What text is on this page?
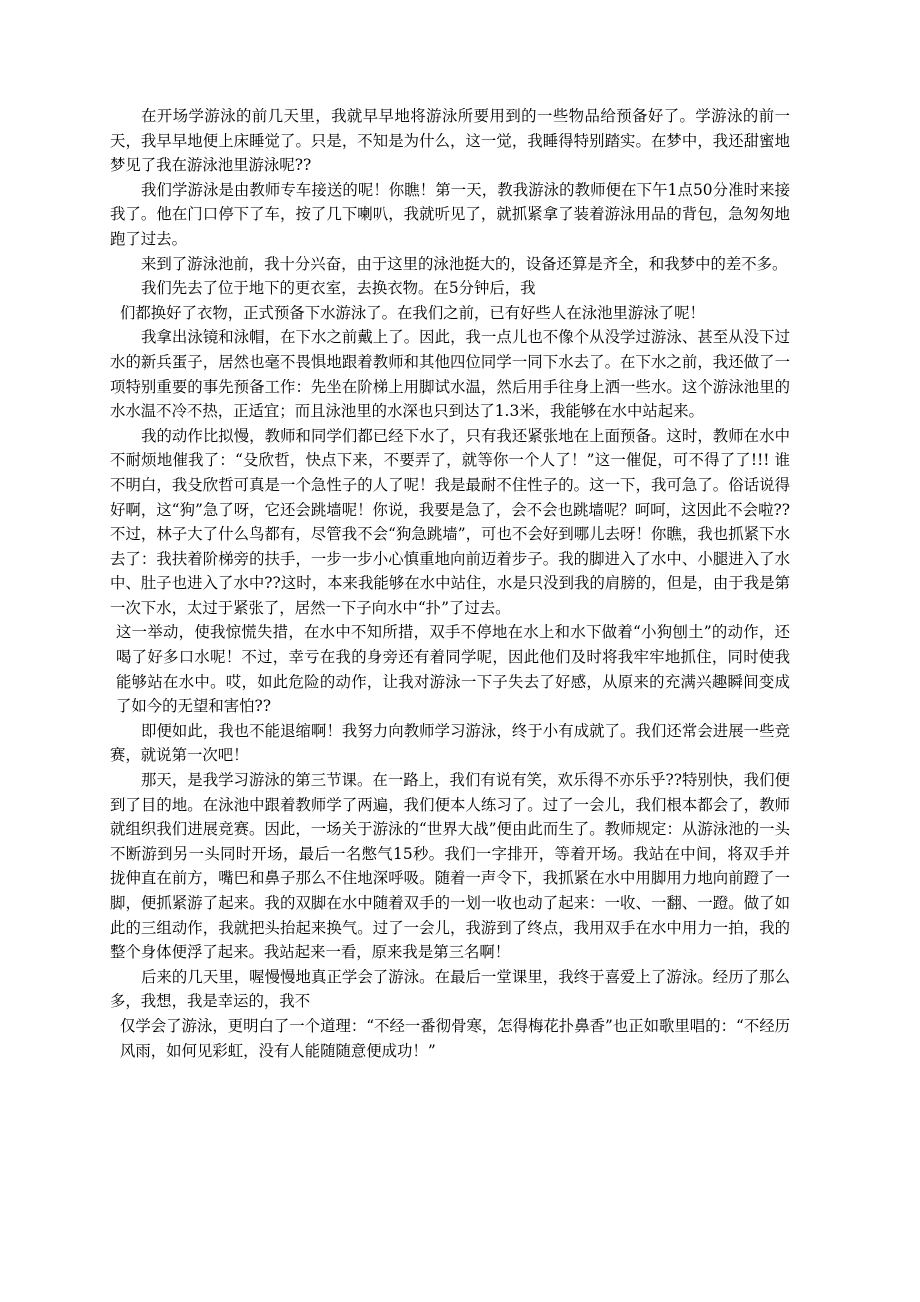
在开场学游泳的前几天里，我就早早地将游泳所要用到的一些物品给预备好了。学游泳的前一天，我早早地便上床睡觉了。只是，不知是为什么，这一觉，我睡得特别踏实。在梦中，我还甜蜜地梦见了我在游泳池里游泳呢??

我们学游泳是由教师专车接送的呢！你瞧！第一天，教我游泳的教师便在下午1点50分准时来接我了。他在门口停下了车，按了几下喇叭，我就听见了，就抓紧拿了装着游泳用品的背包，急匆匆地跑了过去。

来到了游泳池前，我十分兴奋，由于这里的泳池挺大的，设备还算是齐全，和我梦中的差不多。

我们先去了位于地下的更衣室，去换衣物。在5分钟后，我

们都换好了衣物，正式预备下水游泳了。在我们之前，已有好些人在泳池里游泳了呢！

我拿出泳镜和泳帽，在下水之前戴上了。因此，我一点儿也不像个从没学过游泳、甚至从没下过水的新兵蛋子，居然也毫不畏惧地跟着教师和其他四位同学一同下水去了。在下水之前，我还做了一项特别重要的事先预备工作：先坐在阶梯上用脚试水温，然后用手往身上洒一些水。这个游泳池里的水水温不冷不热，正适宜；而且泳池里的水深也只到达了1.3米，我能够在水中站起来。

我的动作比拟慢，教师和同学们都已经下水了，只有我还紧张地在上面预备。这时，教师在水中不耐烦地催我了：“殳欣哲，快点下来，不要弄了，就等你一个人了！”这一催促，可不得了了!!! 谁不明白，我殳欣哲可真是一个急性子的人了呢！我是最耐不住性子的。这一下，我可急了。俗话说得好啊，这“狗”急了呀，它还会跳墙呢！你说，我要是急了，会不会也跳墙呢？呵呵，这因此不会啦??不过，林子大了什么鸟都有，尽管我不会“狗急跳墙”，可也不会好到哪儿去呀！你瞧，我也抓紧下水去了：我扶着阶梯旁的扶手，一步一步小心慎重地向前迈着步子。我的脚进入了水中、小腿进入了水中、肚子也进入了水中??这时，本来我能够在水中站住，水是只没到我的肩膀的，但是，由于我是第一次下水，太过于紧张了，居然一下子向水中“扑”了过去。

这一举动，使我惊慌失措，在水中不知所措，双手不停地在水上和水下做着“小狗刨土”的动作，还喝了好多口水呢！不过，幸亏在我的身旁还有着同学呢，因此他们及时将我牢牢地抓住，同时使我能够站在水中。哎，如此危险的动作，让我对游泳一下子失去了好感，从原来的充满兴趣瞬间变成了如今的无望和害怕??

即便如此，我也不能退缩啊！我努力向教师学习游泳，终于小有成就了。我们还常会进展一些竞赛，就说第一次吧！

那天，是我学习游泳的第三节课。在一路上，我们有说有笑，欢乐得不亦乐乎??特别快，我们便到了目的地。在泳池中跟着教师学了两遍，我们便本人练习了。过了一会儿，我们根本都会了，教师就组织我们进展竞赛。因此，一场关于游泳的“世界大战”便由此而生了。教师规定：从游泳池的一头不断游到另一头同时开场，最后一名憋气15秒。我们一字排开，等着开场。我站在中间，将双手并拢伸直在前方，嘴巴和鼻子那么不住地深呼吸。随着一声令下，我抓紧在水中用脚用力地向前蹬了一脚，便抓紧游了起来。我的双脚在水中随着双手的一划一收也动了起来：一收、一翻、一蹬。做了如此的三组动作，我就把头抬起来换气。过了一会儿，我游到了终点，我用双手在水中用力一拍，我的整个身体便浮了起来。我站起来一看，原来我是第三名啊！

后来的几天里，喔慢慢地真正学会了游泳。在最后一堂课里，我终于喜爱上了游泳。经历了那么多，我想，我是幸运的，我不

仅学会了游泳，更明白了一个道理：“不经一番彻骨寒，怎得梅花扑鼻香”也正如歌里唱的：“不经历风雨，如何见彩虹，没有人能随随意便成功！”
